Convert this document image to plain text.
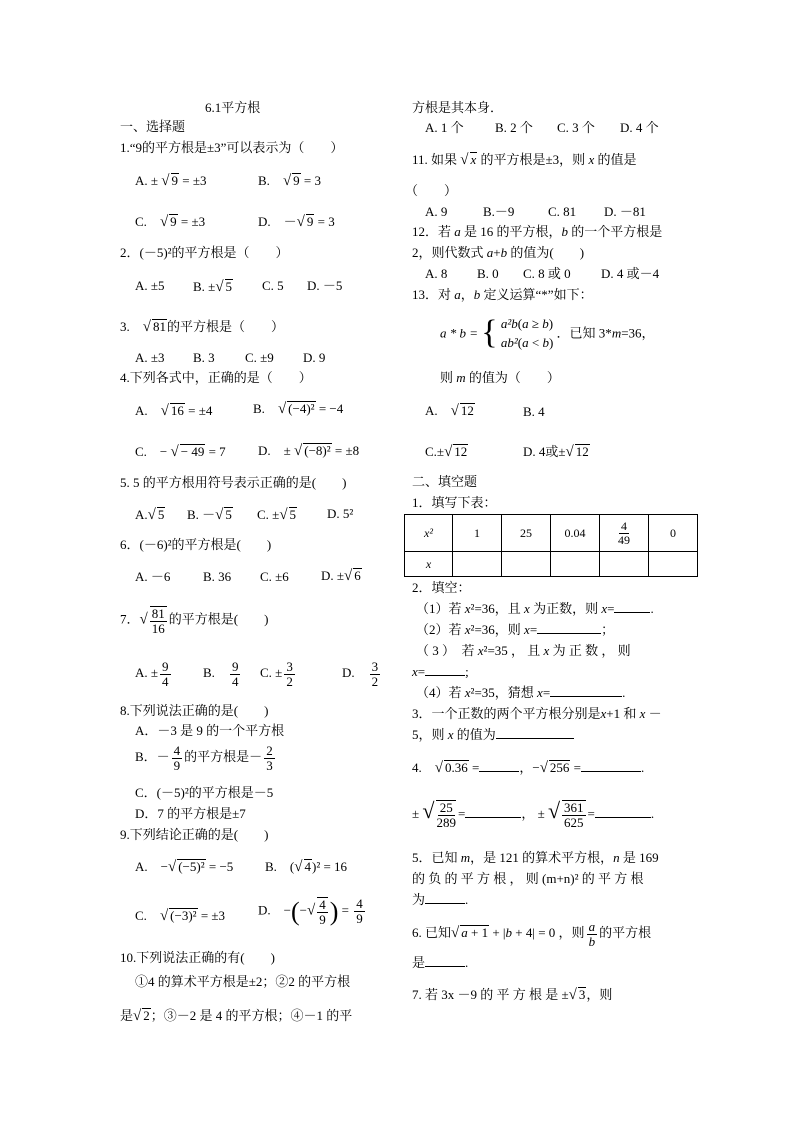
6.1平方根
一、选择题
1.“9的平方根是±3”可以表示为（　　）
A. ± √ 9 = ±3	B.　 √ 9 = 3
C.　 √ 9 = ±3	D.　－√ 9 = 3
2．(－5)²的平方根是（　　）
A. ±5 B. ±√ 5 C. 5 D. －5
3.　 √ 81的平方根是（　　）
A. ±3 B. 3 C. ±9 D. 9
4.下列各式中，正确的是（　　）
A.　 √ 16 = ±4	B.　 √ (−4)² = −4
C.　− √ − 49 = 7 D.　± √ (−8)² = ±8
5. 5 的平方根用符号表示正确的是(　　)
A.√ 5 B. －√ 5 C. ±√ 5 D. 5²
6．(－6)²的平方根是(　　)
A. －6	B. 36 C. ±6 D. ±√ 6
7．√ $\frac{81}{16}$ 的平方根是(　　)
A. ± $\frac{9}{4} B$.　 $\frac{9}{4} C$. ± $\frac{3}{2}$	D.　 $\frac{3}{2}$
8.下列说法正确的是(　　)
A．－3 是 9 的一个平方根
B．－ $\frac{4}{9}$ 的平方根是－ $\frac{2}{3}$
C．(－5)²的平方根是－5
D．7 的平方根是±7
9.下列结论正确的是(　　)
A.　−√ (−5)² = −5 B.　(√ 4)² = 16
C.　 √ (−3)² = ±3	D.　−(−√ $\frac{4}{9}$ ) = $\frac{4}{9}$
10.下列说法正确的有(　　)
①4 的算术平方根是±2；②2 的平方根
是√ 2；③－2 是 4 的平方根；④－1 的平
方根是其本身．
A. 1 个 B. 2 个 C. 3 个 D. 4 个
11. 如果 √ x 的平方根是±3，则 x 的值是
（　　）
A. 9	B.－9	C. 81 D. －81
12．若 a 是 16 的平方根，b 的一个平方根是
2，则代数式 a+b 的值为(　　)
A. 8 B. 0 C. 8 或 0 D. 4 或－4
13．对 a，b 定义运算“*”如下：
a * b = { a²b(a ≥ b)
ab²(a < b) ．已知 3*m=36，
则 m 的值为（　　）
A.　 √ 12	B. 4
C.±√ 12	D. 4或±√ 12
二、填空题
1．填写下表：
x²	1	25	0.04	$\frac{4}{49}$	0
x					
2．填空：
（1）若 x²=36，且 x 为正数，则 x=	.
（2）若 x²=36，则 x=	；
（ 3 ）　若 x²=35 ， 且 x 为 正 数 ， 则
x=	;
（4）若 x²=35，猜想 x=	.
3．一个正数的两个平方根分别是x+1 和 x －
5，则 x 的值为
4.　 √ 0.36 =	，−√ 256 =	.
± √ $\frac{25}{289}$ =	， ± √ $\frac{361}{625}$ =	.
5．已知 m，是 121 的算术平方根，n 是 169
的 负 的 平 方 根 ， 则 (m+n)² 的 平 方 根
为	.
6. 已知√ a + 1 + |b + 4| = 0 ，则 $\frac{a}{b}$ 的平方根
是	.
7. 若 3x －9 的 平 方 根 是 ±√ 3，则
